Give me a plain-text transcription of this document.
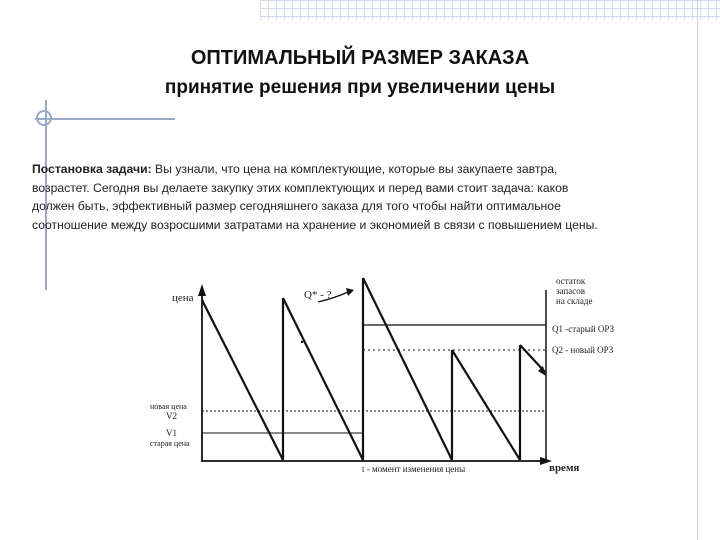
ОПТИМАЛЬНЫЙ РАЗМЕР ЗАКАЗА
принятие решения при увеличении цены
Постановка задачи: Вы узнали, что цена на комплектующие, которые вы закупаете завтра, возрастет. Сегодня вы делаете закупку этих комплектующих и перед вами стоит задача: каков должен быть, эффективный размер сегодняшнего заказа для того чтобы найти оптимальное соотношение между возросшими затратами на хранение и экономией в связи с повышением цены.
цена
время
Q* - ?
остаток
запасов
на складе
Q1 -старый ОРЗ
Q2 - новый ОРЗ
новая цена
V2
V1
старая цена
t - момент изменения цены
